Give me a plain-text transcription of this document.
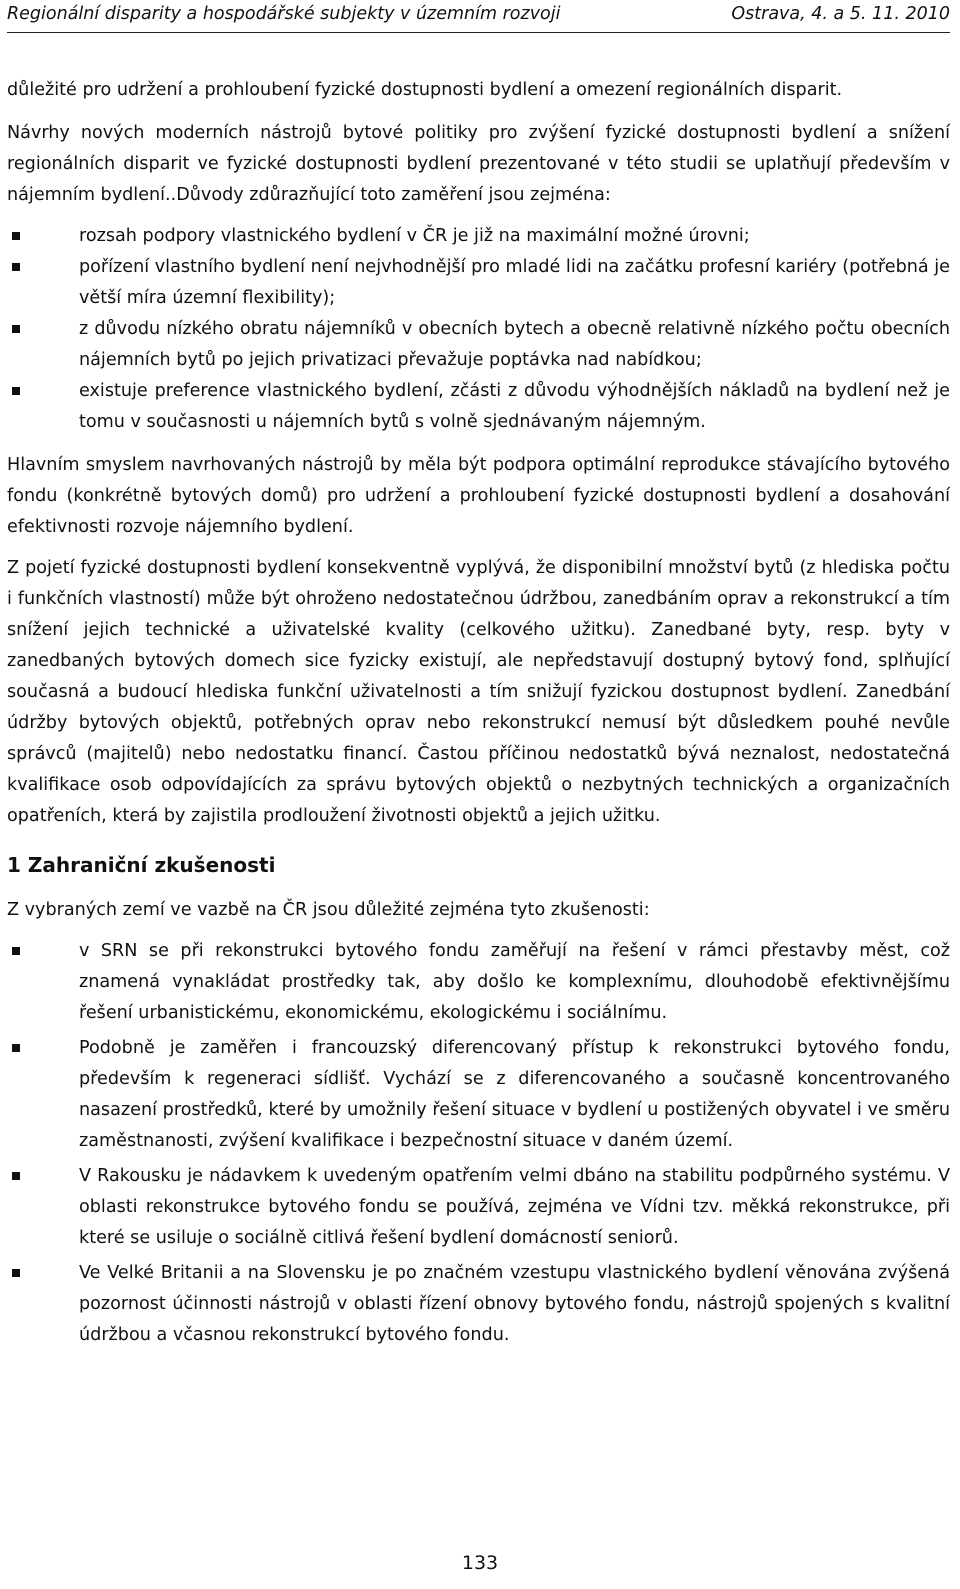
Regionální disparity a hospodářské subjekty v územním rozvoji	Ostrava, 4. a 5. 11. 2010

důležité pro udržení a prohloubení fyzické dostupnosti bydlení a omezení regionálních disparit.

Návrhy nových moderních nástrojů bytové politiky pro zvýšení fyzické dostupnosti bydlení a snížení regionálních disparit ve fyzické dostupnosti bydlení prezentované v této studii se uplatňují především v nájemním bydlení..Důvody zdůrazňující toto zaměření jsou zejména:

rozsah podpory vlastnického bydlení v ČR je již na maximální možné úrovni;
pořízení vlastního bydlení není nejvhodnější pro mladé lidi na začátku profesní kariéry (potřebná je větší míra územní flexibility);
z důvodu nízkého obratu nájemníků v obecních bytech a obecně relativně nízkého počtu obecních nájemních bytů po jejich privatizaci převažuje poptávka nad nabídkou;
existuje preference vlastnického bydlení, zčásti z důvodu výhodnějších nákladů na bydlení než je tomu v současnosti u nájemních bytů s volně sjednávaným nájemným.

Hlavním smyslem navrhovaných nástrojů by měla být podpora optimální reprodukce stávajícího bytového fondu (konkrétně bytových domů) pro udržení a prohloubení fyzické dostupnosti bydlení a dosahování efektivnosti rozvoje nájemního bydlení.

Z pojetí fyzické dostupnosti bydlení konsekventně vyplývá, že disponibilní množství bytů (z hlediska počtu i funkčních vlastností) může být ohroženo nedostatečnou údržbou, zanedbáním oprav a rekonstrukcí a tím snížení jejich technické a uživatelské kvality (celkového užitku). Zanedbané byty, resp. byty v zanedbaných bytových domech sice fyzicky existují, ale nepředstavují dostupný bytový fond, splňující současná a budoucí hlediska funkční uživatelnosti a tím snižují fyzickou dostupnost bydlení. Zanedbání údržby bytových objektů, potřebných oprav nebo rekonstrukcí nemusí být důsledkem pouhé nevůle správců (majitelů) nebo nedostatku financí. Častou příčinou nedostatků bývá neznalost, nedostatečná kvalifikace osob odpovídajících za správu bytových objektů o nezbytných technických a organizačních opatřeních, která by zajistila prodloužení životnosti objektů a jejich užitku.

1 Zahraniční zkušenosti

Z vybraných zemí ve vazbě na ČR jsou důležité zejména tyto zkušenosti:

v SRN se při rekonstrukci bytového fondu zaměřují na řešení v rámci přestavby měst, což znamená vynakládat prostředky tak, aby došlo ke komplexnímu, dlouhodobě efektivnějšímu řešení urbanistickému, ekonomickému, ekologickému i sociálnímu.
Podobně je zaměřen i francouzský diferencovaný přístup k rekonstrukci bytového fondu, především k regeneraci sídlišť. Vychází se z diferencovaného a současně koncentrovaného nasazení prostředků, které by umožnily řešení situace v bydlení u postižených obyvatel i ve směru zaměstnanosti, zvýšení kvalifikace i bezpečnostní situace v daném území.
V Rakousku je nádavkem k uvedeným opatřením velmi dbáno na stabilitu podpůrného systému. V oblasti rekonstrukce bytového fondu se používá, zejména ve Vídni tzv. měkká rekonstrukce, při které se usiluje o sociálně citlivá řešení bydlení domácností seniorů.
Ve Velké Britanii a na Slovensku je po značném vzestupu vlastnického bydlení věnována zvýšená pozornost účinnosti nástrojů v oblasti řízení obnovy bytového fondu, nástrojů spojených s kvalitní údržbou a včasnou rekonstrukcí bytového fondu.
133
